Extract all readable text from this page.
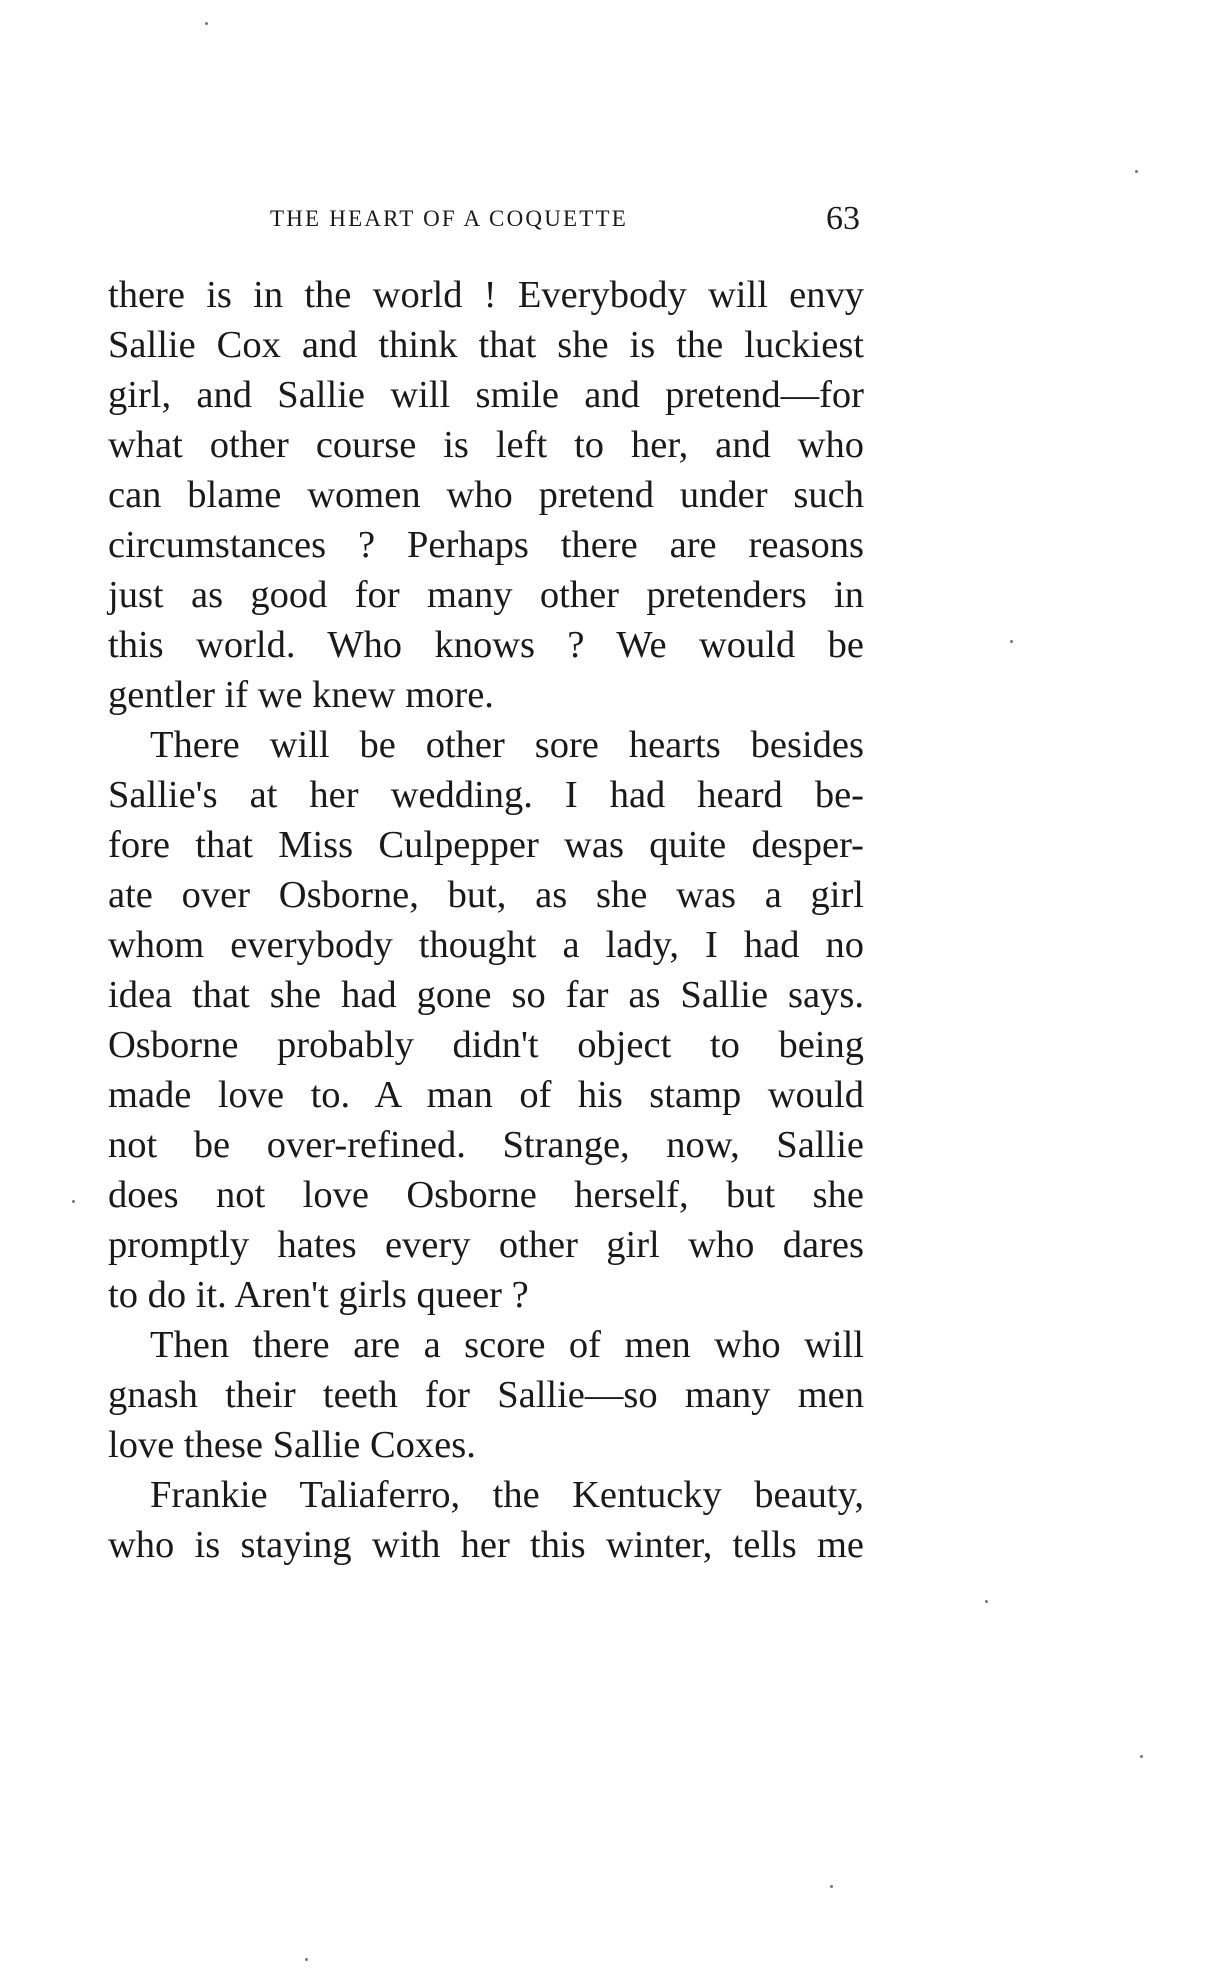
THE HEART OF A COQUETTE	63

there is in the world ! Everybody will envy
Sallie Cox and think that she is the luckiest
girl, and Sallie will smile and pretend—for
what other course is left to her, and who
can blame women who pretend under such
circumstances ? Perhaps there are reasons
just as good for many other pretenders in
this world. Who knows ? We would be
gentler if we knew more.

There will be other sore hearts besides
Sallie's at her wedding. I had heard be-
fore that Miss Culpepper was quite desper-
ate over Osborne, but, as she was a girl
whom everybody thought a lady, I had no
idea that she had gone so far as Sallie says.
Osborne probably didn't object to being
made love to. A man of his stamp would
not be over-refined. Strange, now, Sallie
does not love Osborne herself, but she
promptly hates every other girl who dares
to do it. Aren't girls queer ?

Then there are a score of men who will
gnash their teeth for Sallie—so many men
love these Sallie Coxes.

Frankie Taliaferro, the Kentucky beauty,
who is staying with her this winter, tells me
